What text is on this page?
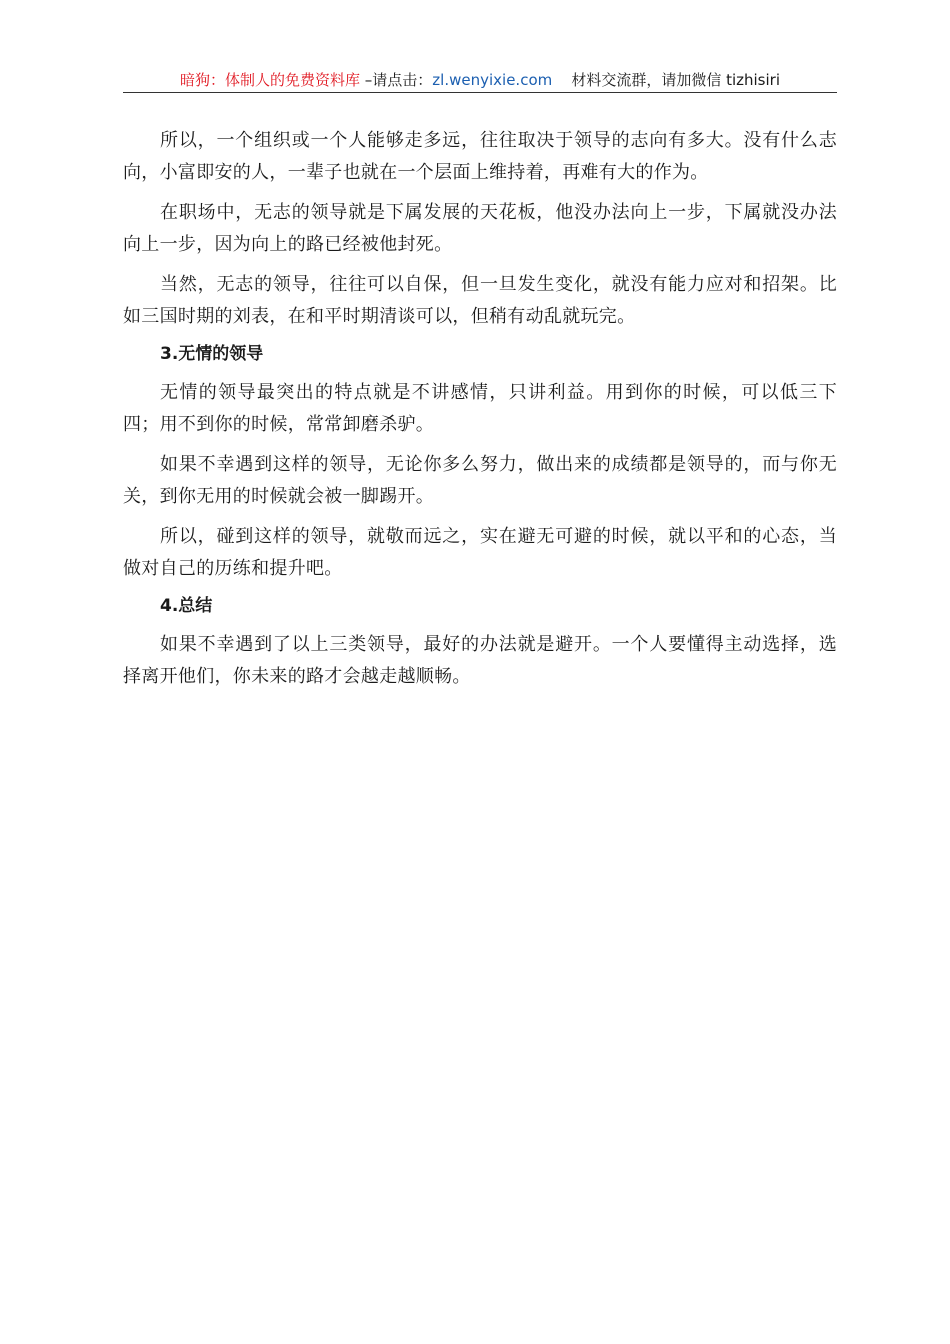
暗狗：体制人的免费资料库 –请点击：zl.wenyixie.com 材料交流群，请加微信 tizhisiri

所以，一个组织或一个人能够走多远，往往取决于领导的志向有多大。没有什么志向，小富即安的人，一辈子也就在一个层面上维持着，再难有大的作为。

在职场中，无志的领导就是下属发展的天花板，他没办法向上一步，下属就没办法向上一步，因为向上的路已经被他封死。

当然，无志的领导，往往可以自保，但一旦发生变化，就没有能力应对和招架。比如三国时期的刘表，在和平时期清谈可以，但稍有动乱就玩完。

3.无情的领导

无情的领导最突出的特点就是不讲感情，只讲利益。用到你的时候，可以低三下四；用不到你的时候，常常卸磨杀驴。

如果不幸遇到这样的领导，无论你多么努力，做出来的成绩都是领导的，而与你无关，到你无用的时候就会被一脚踢开。

所以，碰到这样的领导，就敬而远之，实在避无可避的时候，就以平和的心态，当做对自己的历练和提升吧。

4.总结

如果不幸遇到了以上三类领导，最好的办法就是避开。一个人要懂得主动选择，选择离开他们，你未来的路才会越走越顺畅。
